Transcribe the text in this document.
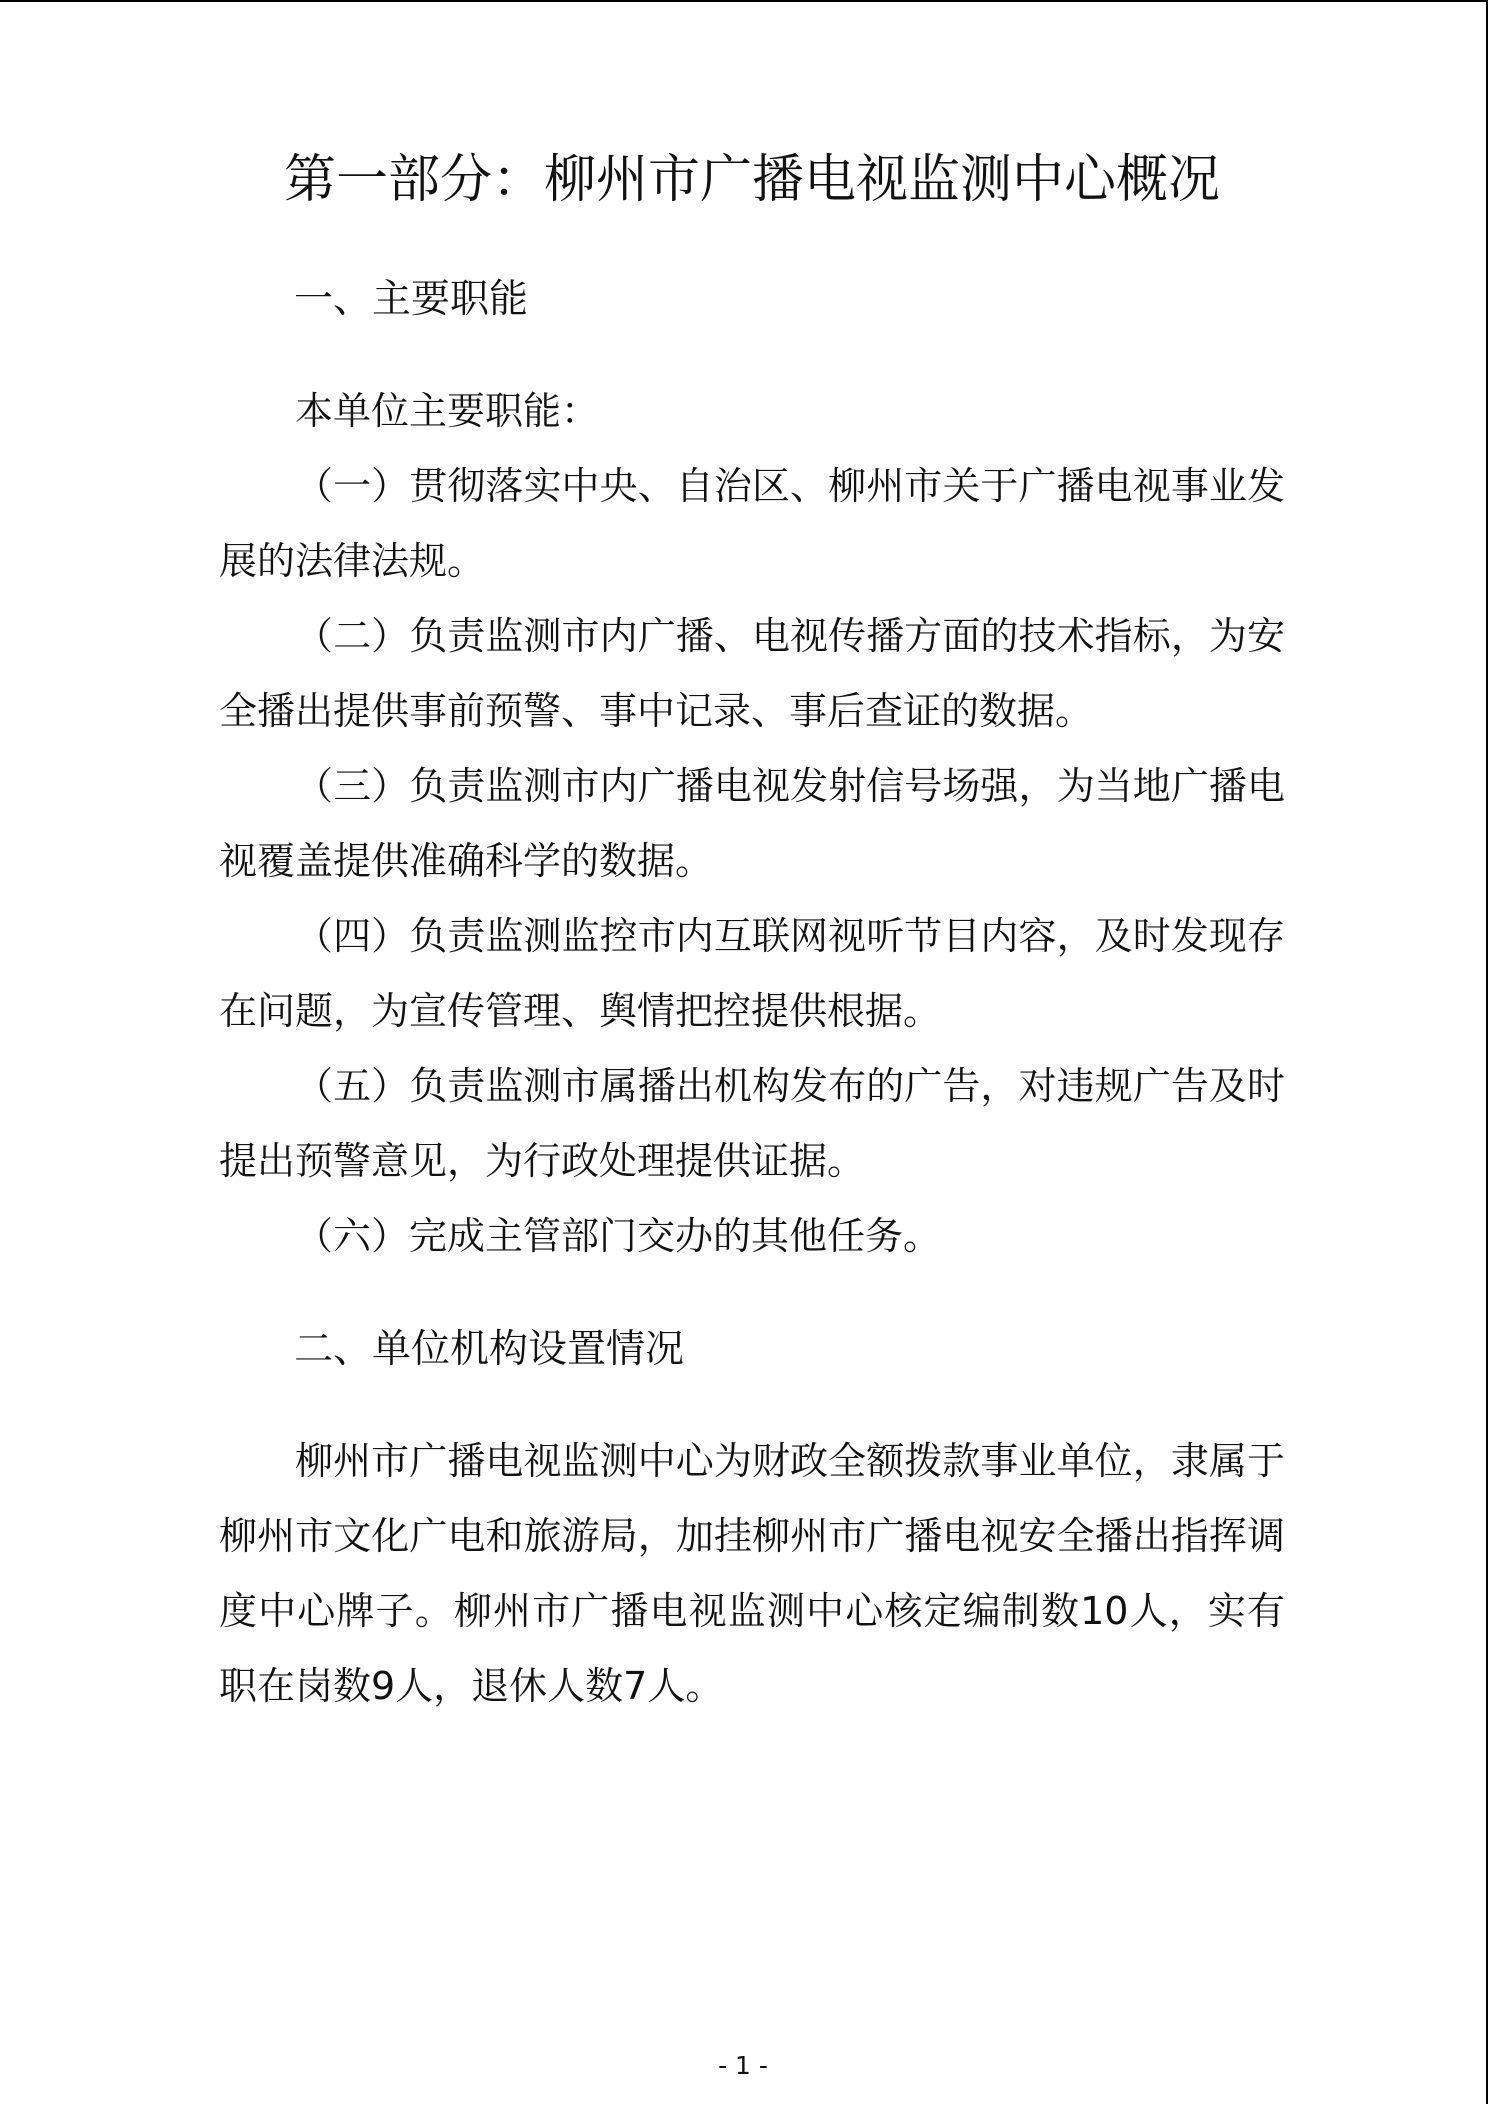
第一部分：柳州市广播电视监测中心概况
一、主要职能
本单位主要职能：
（一）贯彻落实中央、自治区、柳州市关于广播电视事业发
展的法律法规。
（二）负责监测市内广播、电视传播方面的技术指标，为安
全播出提供事前预警、事中记录、事后查证的数据。
（三）负责监测市内广播电视发射信号场强，为当地广播电
视覆盖提供准确科学的数据。
（四）负责监测监控市内互联网视听节目内容，及时发现存
在问题，为宣传管理、舆情把控提供根据。
（五）负责监测市属播出机构发布的广告，对违规广告及时
提出预警意见，为行政处理提供证据。
（六）完成主管部门交办的其他任务。
二、单位机构设置情况
柳州市广播电视监测中心为财政全额拨款事业单位，隶属于
柳州市文化广电和旅游局，加挂柳州市广播电视安全播出指挥调
度中心牌子。柳州市广播电视监测中心核定编制数10人，实有
职在岗数9人，退休人数7人。
- 1 -
